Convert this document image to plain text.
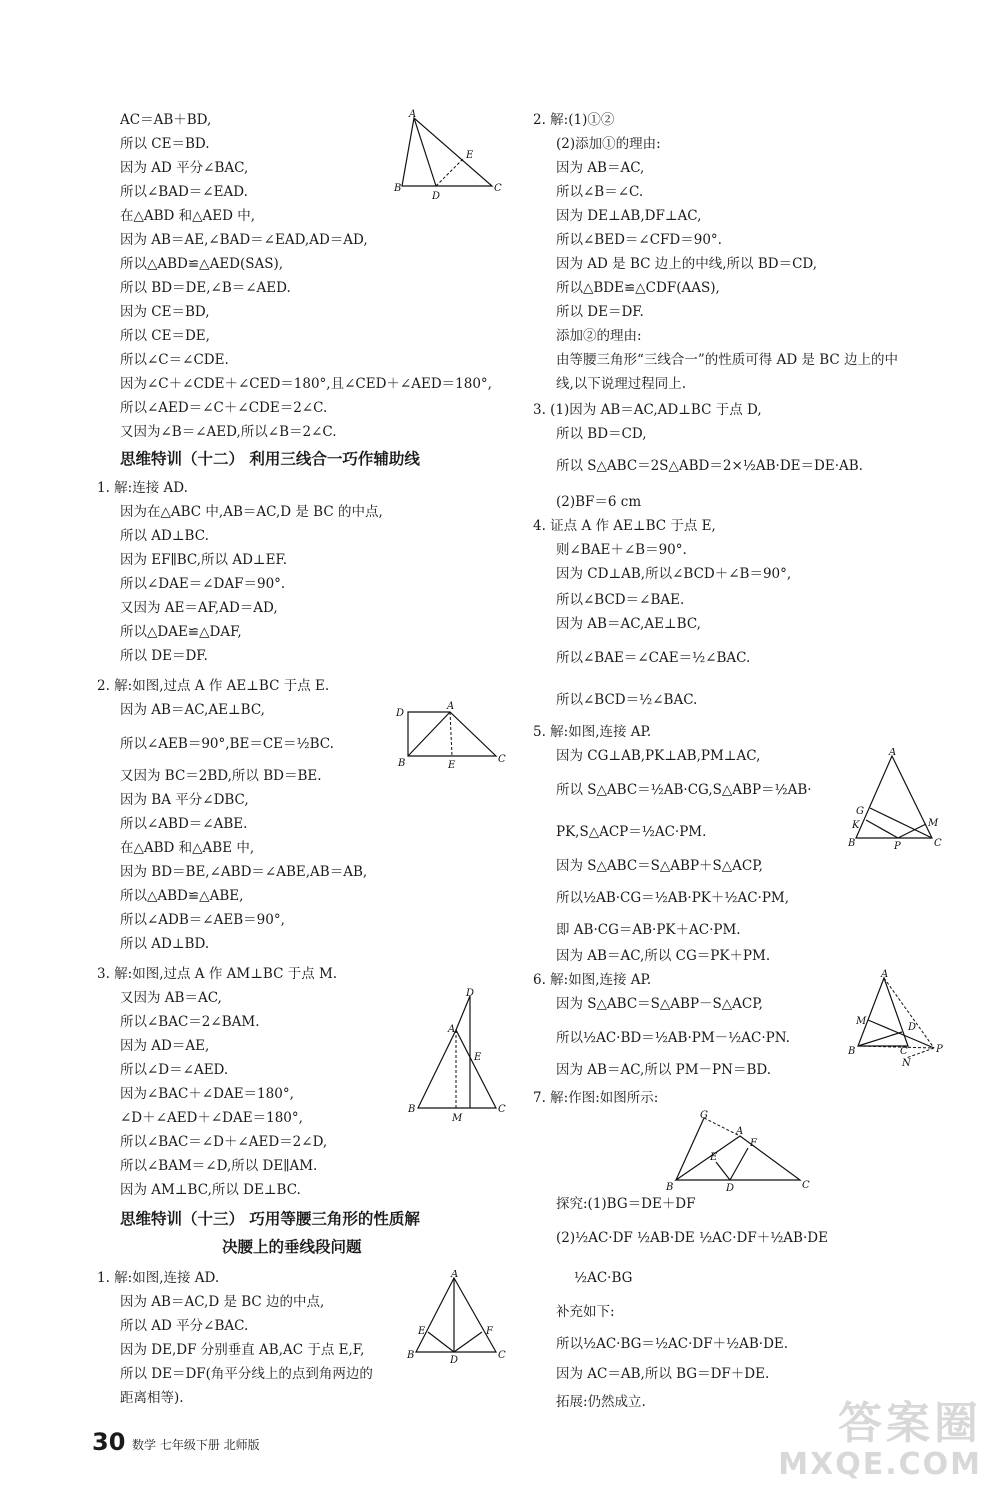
AC＝AB＋BD,
所以 CE＝BD.
因为 AD 平分∠BAC,
所以∠BAD＝∠EAD.
在△ABD 和△AED 中,
因为 AB＝AE,∠BAD＝∠EAD,AD＝AD,
所以△ABD≌△AED(SAS),
所以 BD＝DE,∠B＝∠AED.
因为 CE＝BD,
所以 CE＝DE,
所以∠C＝∠CDE.
因为∠C＋∠CDE＋∠CED＝180°,且∠CED＋∠AED＝180°,
所以∠AED＝∠C＋∠CDE＝2∠C.
又因为∠B＝∠AED,所以∠B＝2∠C.
1. 解:连接 AD.
因为在△ABC 中,AB＝AC,D 是 BC 的中点,
所以 AD⊥BC.
因为 EF∥BC,所以 AD⊥EF.
所以∠DAE＝∠DAF＝90°.
又因为 AE＝AF,AD＝AD,
所以△DAE≌△DAF,
所以 DE＝DF.
2. 解:如图,过点 A 作 AE⊥BC 于点 E.
因为 AB＝AC,AE⊥BC,
所以∠AEB＝90°,BE＝CE＝½BC.
又因为 BC＝2BD,所以 BD＝BE.
因为 BA 平分∠DBC,
所以∠ABD＝∠ABE.
在△ABD 和△ABE 中,
因为 BD＝BE,∠ABD＝∠ABE,AB＝AB,
所以△ABD≌△ABE,
所以∠ADB＝∠AEB＝90°,
所以 AD⊥BD.
3. 解:如图,过点 A 作 AM⊥BC 于点 M.
又因为 AB＝AC,
所以∠BAC＝2∠BAM.
因为 AD＝AE,
所以∠D＝∠AED.
因为∠BAC＋∠DAE＝180°,
∠D＋∠AED＋∠DAE＝180°,
所以∠BAC＝∠D＋∠AED＝2∠D,
所以∠BAM＝∠D,所以 DE∥AM.
因为 AM⊥BC,所以 DE⊥BC.
1. 解:如图,连接 AD.
因为 AB＝AC,D 是 BC 边的中点,
所以 AD 平分∠BAC.
因为 DE,DF 分别垂直 AB,AC 于点 E,F,
所以 DE＝DF(角平分线上的点到角两边的
距离相等).
思维特训（十二） 利用三线合一巧作辅助线
思维特训（十三） 巧用等腰三角形的性质解
决腰上的垂线段问题
2. 解:(1)①②
(2)添加①的理由:
因为 AB＝AC,
所以∠B＝∠C.
因为 DE⊥AB,DF⊥AC,
所以∠BED＝∠CFD＝90°.
因为 AD 是 BC 边上的中线,所以 BD＝CD,
所以△BDE≌△CDF(AAS),
所以 DE＝DF.
添加②的理由:
由等腰三角形“三线合一”的性质可得 AD 是 BC 边上的中
线,以下说理过程同上.
3. (1)因为 AB＝AC,AD⊥BC 于点 D,
所以 BD＝CD,
所以 S△ABC＝2S△ABD＝2×½AB·DE＝DE·AB.
(2)BF＝6 cm
4. 证点 A 作 AE⊥BC 于点 E,
则∠BAE＋∠B＝90°.
因为 CD⊥AB,所以∠BCD＋∠B＝90°,
所以∠BCD＝∠BAE.
因为 AB＝AC,AE⊥BC,
所以∠BAE＝∠CAE＝½∠BAC.
所以∠BCD＝½∠BAC.
5. 解:如图,连接 AP.
因为 CG⊥AB,PK⊥AB,PM⊥AC,
所以 S△ABC＝½AB·CG,S△ABP＝½AB·
PK,S△ACP＝½AC·PM.
因为 S△ABC＝S△ABP＋S△ACP,
所以½AB·CG＝½AB·PK＋½AC·PM,
即 AB·CG＝AB·PK＋AC·PM.
因为 AB＝AC,所以 CG＝PK＋PM.
6. 解:如图,连接 AP.
因为 S△ABC＝S△ABP－S△ACP,
所以½AC·BD＝½AB·PM－½AC·PN.
因为 AB＝AC,所以 PM－PN＝BD.
7. 解:作图:如图所示:
探究:(1)BG＝DE＋DF
(2)½AC·DF ½AB·DE ½AC·DF＋½AB·DE
½AC·BG
补充如下:
所以½AC·BG＝½AC·DF＋½AB·DE.
因为 AC＝AB,所以 BG＝DF＋DE.
拓展:仍然成立.
A
B	C
D
E
D
A
B	C
E
D
A
E
B	C
M
A
E	F
B	D	C
A
G
K	M
B	P	C
A
M
D
B	C	P
N
G
A
F
E
B	D	C
30 数学 七年级下册 北师版	答案圈
MXQE.COM
